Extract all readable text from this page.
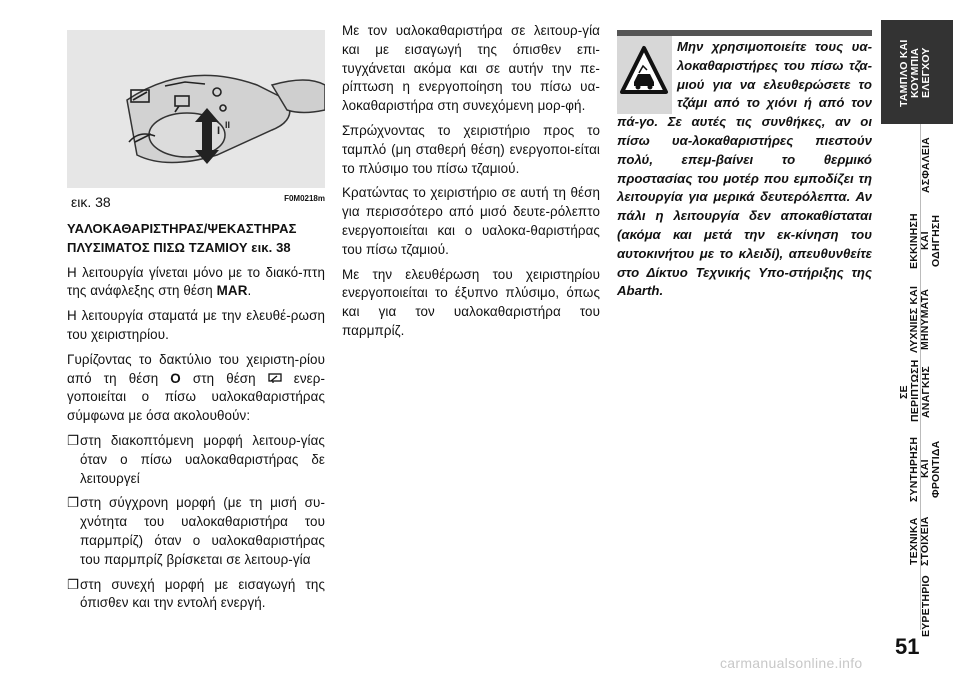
I II
εικ. 38	F0M0218m
ΥΑΛΟΚΑΘΑΡΙΣΤΗΡΑΣ/ΨΕΚΑΣΤΗΡΑΣ ΠΛΥΣΙΜΑΤΟΣ ΠΙΣΩ ΤΖΑΜΙΟΥ εικ. 38

Η λειτουργία γίνεται μόνο με το διακό-πτη της ανάφλεξης στη θέση MAR.

Η λειτουργία σταματά με την ελευθέ-ρωση του χειριστηρίου.

Γυρίζοντας το δακτύλιο του χειριστη-ρίου από τη θέση O στη θέση  ενερ-γοποιείται ο πίσω υαλοκαθαριστήρας σύμφωνα με όσα ακολουθούν:

❐ στη διακοπτόμενη μορφή λειτουρ-γίας όταν ο πίσω υαλοκαθαριστήρας δε λειτουργεί
❐ στη σύγχρονη μορφή (με τη μισή συ-χνότητα του υαλοκαθαριστήρα του παρμπρίζ) όταν ο υαλοκαθαριστήρας του παρμπρίζ βρίσκεται σε λειτουρ-γία
❐ στη συνεχή μορφή με εισαγωγή της όπισθεν και την εντολή ενεργή.

Με τον υαλοκαθαριστήρα σε λειτουρ-γία και με εισαγωγή της όπισθεν επι-τυγχάνεται ακόμα και σε αυτήν την πε-ρίπτωση η ενεργοποίηση του πίσω υα-λοκαθαριστήρα στη συνεχόμενη μορ-φή.

Σπρώχνοντας το χειριστήριο προς το ταμπλό (μη σταθερή θέση) ενεργοποι-είται το πλύσιμο του πίσω τζαμιού.

Κρατώντας το χειριστήριο σε αυτή τη θέση για περισσότερο από μισό δευτε-ρόλεπτο ενεργοποιείται και ο υαλοκα-θαριστήρας του πίσω τζαμιού.

Με την ελευθέρωση του χειριστηρίου ενεργοποιείται το έξυπνο πλύσιμο, όπως και για τον υαλοκαθαριστήρα του παρμπρίζ.

Μην χρησιμοποιείτε τους υα-λοκαθαριστήρες του πίσω τζα-μιού για να ελευθερώσετε το τζάμι από το χιόνι ή από τον πά-γο. Σε αυτές τις συνθήκες, αν οι πίσω υα-λοκαθαριστήρες πιεστούν πολύ, επεμ-βαίνει το θερμικό προστασίας του μοτέρ που εμποδίζει τη λειτουργία για μερικά δευτερόλεπτα. Αν πάλι η λειτουργία δεν αποκαθίσταται (ακόμα και μετά την εκ-κίνηση του αυτοκινήτου με το κλειδί), απευθυνθείτε στο Δίκτυο Τεχνικής Υπο-στήριξης της Abarth.
ΤΑΜΠΛΟ ΚΑΙ
ΚΟΥΜΠΙΑ
ΕΛΕΓΧΟΥ
ΑΣΦΑΛΕΙΑ
ΕΚΚΙΝΗΣΗ
ΚΑΙ ΟΔΗΓΗΣΗ
ΛΥΧΝΙΕΣ ΚΑΙ
ΜΗΝΥΜΑΤΑ
ΣΕ
ΠΕΡΙΠΤΩΣΗ
ΑΝΑΓΚΗΣ
ΣΥΝΤΗΡΗΣΗ
ΚΑΙ ΦΡΟΝΤΙΔΑ
ΤΕΧΝΙΚΑ
ΣΤΟΙΧΕΙΑ
ΕΥΡΕΤΗΡΙΟ
51
carmanualsonline.info
